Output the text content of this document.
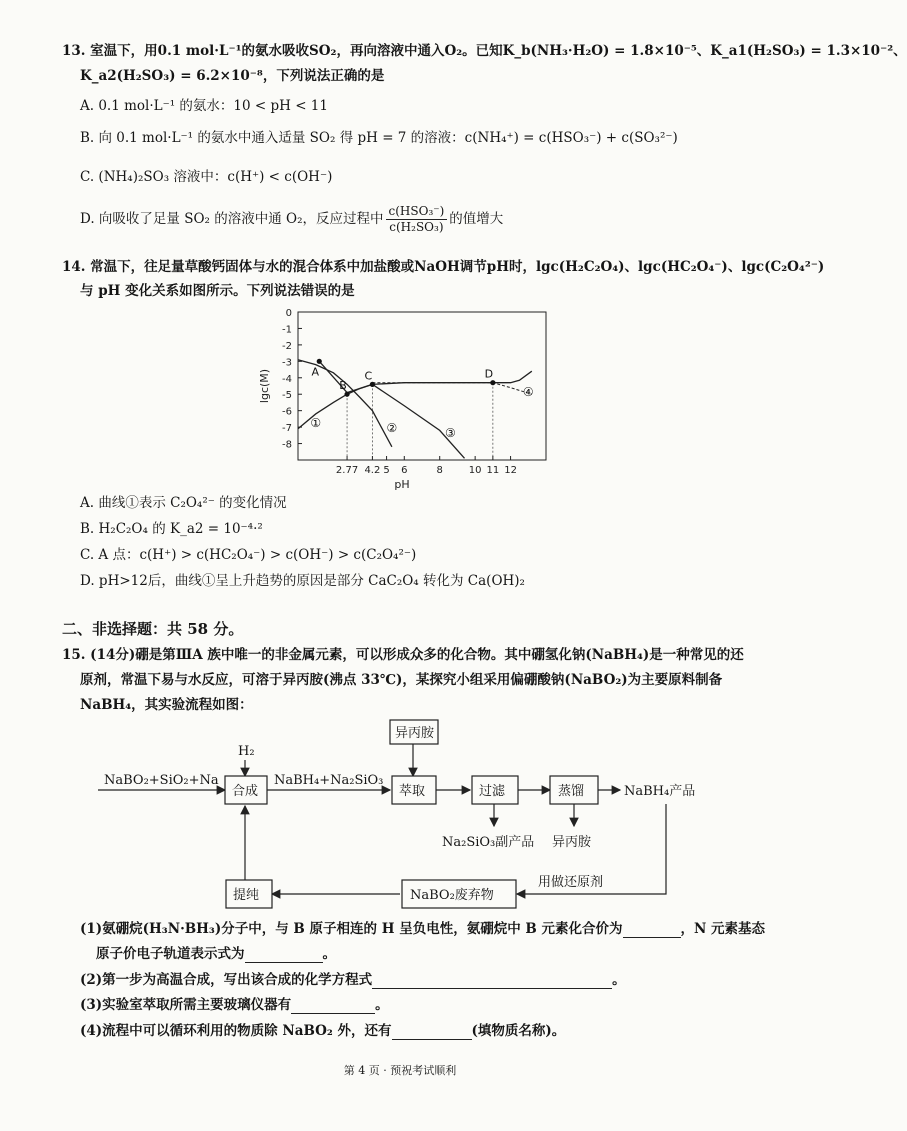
13. 室温下，用0.1 mol·L⁻¹的氨水吸收SO₂，再向溶液中通入O₂。已知K_b(NH₃·H₂O) = 1.8×10⁻⁵、K_a1(H₂SO₃) = 1.3×10⁻²、
K_a2(H₂SO₃) = 6.2×10⁻⁸，下列说法正确的是
A. 0.1 mol·L⁻¹ 的氨水：10 < pH < 11
B. 向 0.1 mol·L⁻¹ 的氨水中通入适量 SO₂ 得 pH = 7 的溶液：c(NH₄⁺) = c(HSO₃⁻) + c(SO₃²⁻)
C. (NH₄)₂SO₃ 溶液中：c(H⁺) < c(OH⁻)
D. 向吸收了足量 SO₂ 的溶液中通 O₂，反应过程中 $\frac{\text{c(HSO₃⁻)}}{\text{c(H₂SO₃)}}$ 的值增大
14. 常温下，往足量草酸钙固体与水的混合体系中加盐酸或NaOH调节pH时，lgc(H₂C₂O₄)、lgc(HC₂O₄⁻)、lgc(C₂O₄²⁻)
与 pH 变化关系如图所示。下列说法错误的是
A
B
C	D
0
-1
-2
-3
-4
-5
-6
-7
-8
2.77 4.2 5 6	8	10 11 12
pH
lgc(M)
①	②	③
④
A. 曲线①表示 C₂O₄²⁻ 的变化情况
B. H₂C₂O₄ 的 K_a2 = 10⁻⁴·²
C. A 点：c(H⁺) > c(HC₂O₄⁻) > c(OH⁻) > c(C₂O₄²⁻)
D. pH>12后，曲线①呈上升趋势的原因是部分 CaC₂O₄ 转化为 Ca(OH)₂
二、非选择题：共 58 分。
15. (14分)硼是第ⅢA 族中唯一的非金属元素，可以形成众多的化合物。其中硼氢化钠(NaBH₄)是一种常见的还
原剂，常温下易与水反应，可溶于异丙胺(沸点 33℃)，某探究小组采用偏硼酸钠(NaBO₂)为主要原料制备
NaBH₄，其实验流程如图：
NaBO₂+SiO₂+Na
H₂
合成
NaBH₄+Na₂SiO₃
异丙胺
萃取	过滤	蒸馏	NaBH₄产品
Na₂SiO₃副产品 异丙胺
提纯	NaBO₂废弃物
用做还原剂
(1)氨硼烷(H₃N·BH₃)分子中，与 B 原子相连的 H 呈负电性，氨硼烷中 B 元素化合价为	，N 元素基态
原子价电子轨道表示式为	。
(2)第一步为高温合成，写出该合成的化学方程式	。
(3)实验室萃取所需主要玻璃仪器有	。
(4)流程中可以循环利用的物质除 NaBO₂ 外，还有	(填物质名称)。
第 4 页 · 预祝考试顺利
